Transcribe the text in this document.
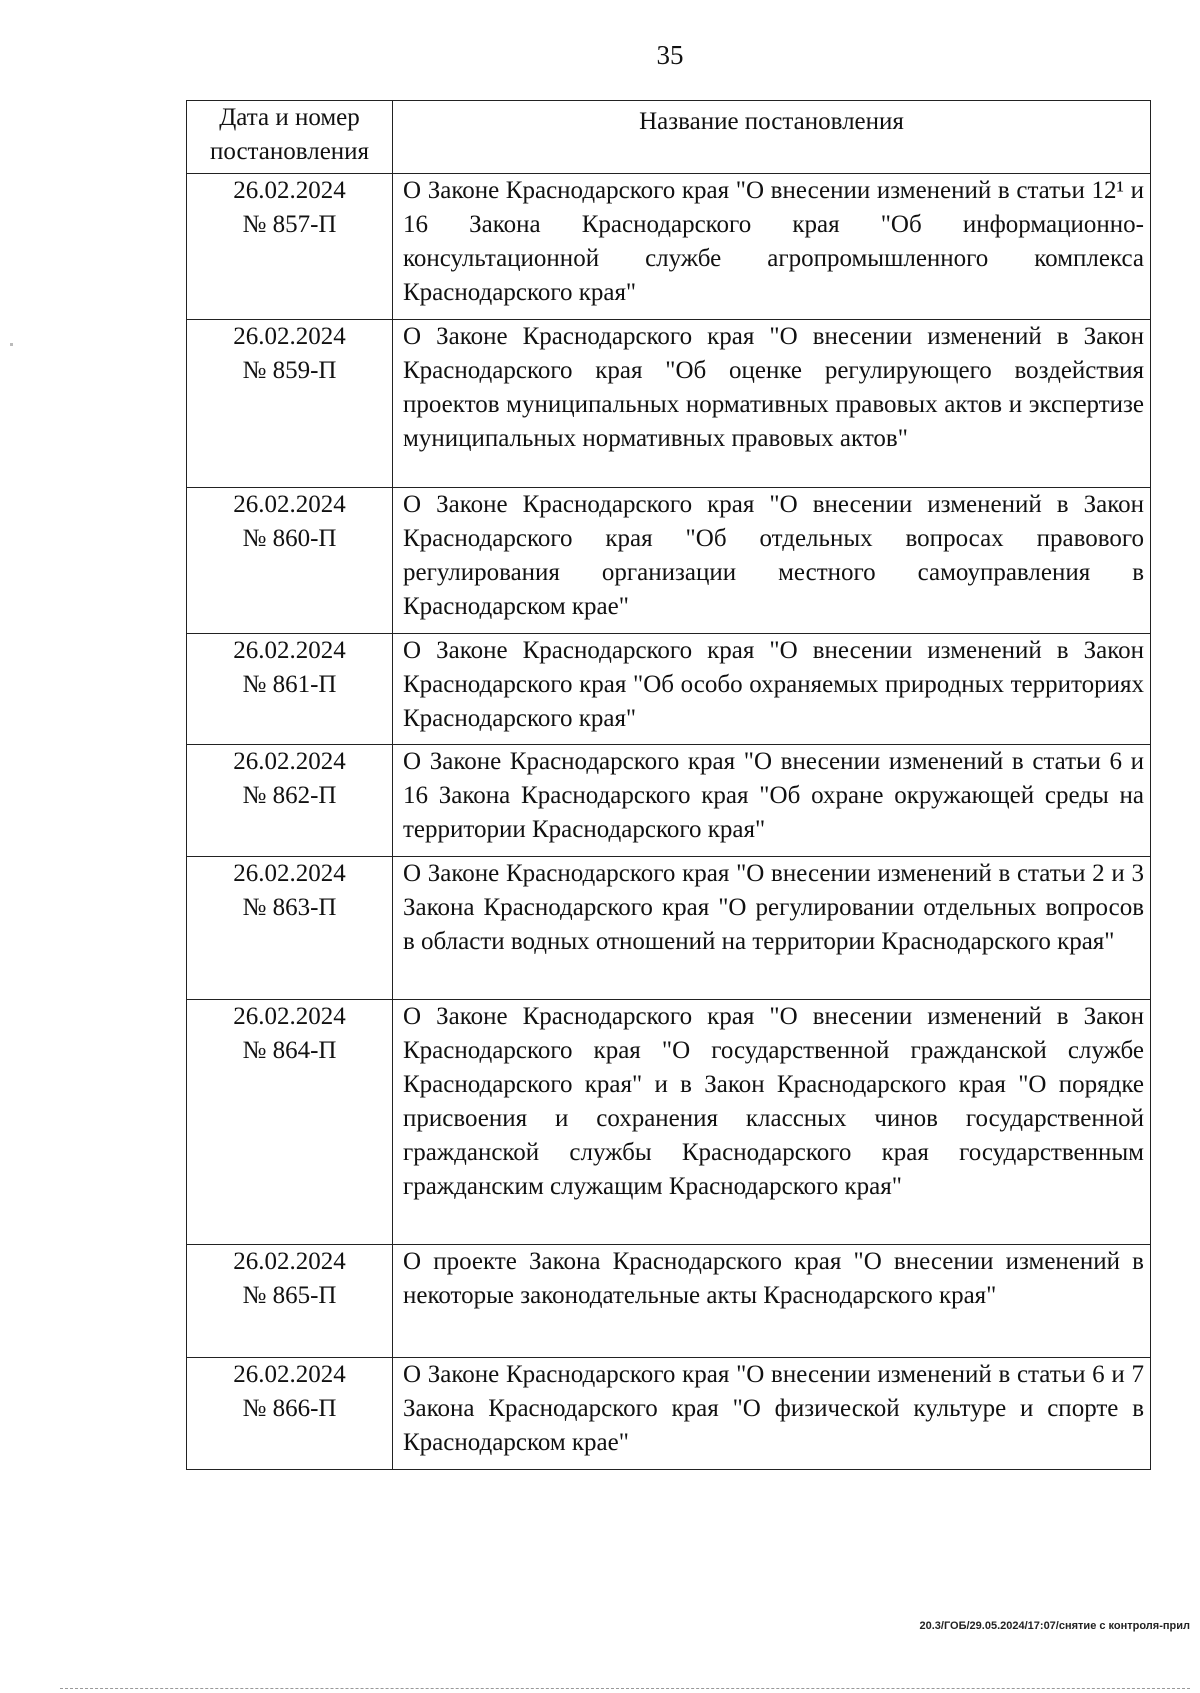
35
Дата и номер постановления	Название постановления

26.02.2024
№ 857-П	О Законе Краснодарского края "О внесении изменений в статьи 12¹ и 16 Закона Краснодарского края "Об информационно-консультационной службе агропромышленного комплекса Краснодарского края"

26.02.2024
№ 859-П	О Законе Краснодарского края "О внесении изменений в Закон Краснодарского края "Об оценке регулирующего воздействия проектов муниципальных нормативных правовых актов и экспертизе муниципальных нормативных правовых актов"

26.02.2024
№ 860-П	О Законе Краснодарского края "О внесении изменений в Закон Краснодарского края "Об отдельных вопросах правового регулирования организации местного самоуправления в Краснодарском крае"

26.02.2024
№ 861-П	О Законе Краснодарского края "О внесении изменений в Закон Краснодарского края "Об особо охраняемых природных территориях Краснодарского края"

26.02.2024
№ 862-П	О Законе Краснодарского края "О внесении изменений в статьи 6 и 16 Закона Краснодарского края "Об охране окружающей среды на территории Краснодарского края"

26.02.2024
№ 863-П	О Законе Краснодарского края "О внесении изменений в статьи 2 и 3 Закона Краснодарского края "О регулировании отдельных вопросов в области водных отношений на территории Краснодарского края"

26.02.2024
№ 864-П	О Законе Краснодарского края "О внесении изменений в Закон Краснодарского края "О государственной гражданской службе Краснодарского края" и в Закон Краснодарского края "О порядке присвоения и сохранения классных чинов государственной гражданской службы Краснодарского края государственным гражданским служащим Краснодарского края"

26.02.2024
№ 865-П	О проекте Закона Краснодарского края "О внесении изменений в некоторые законодательные акты Краснодарского края"

26.02.2024
№ 866-П	О Законе Краснодарского края "О внесении изменений в статьи 6 и 7 Закона Краснодарского края "О физической культуре и спорте в Краснодарском крае"
20.3/ГОБ/29.05.2024/17:07/снятие с контроля-прил
